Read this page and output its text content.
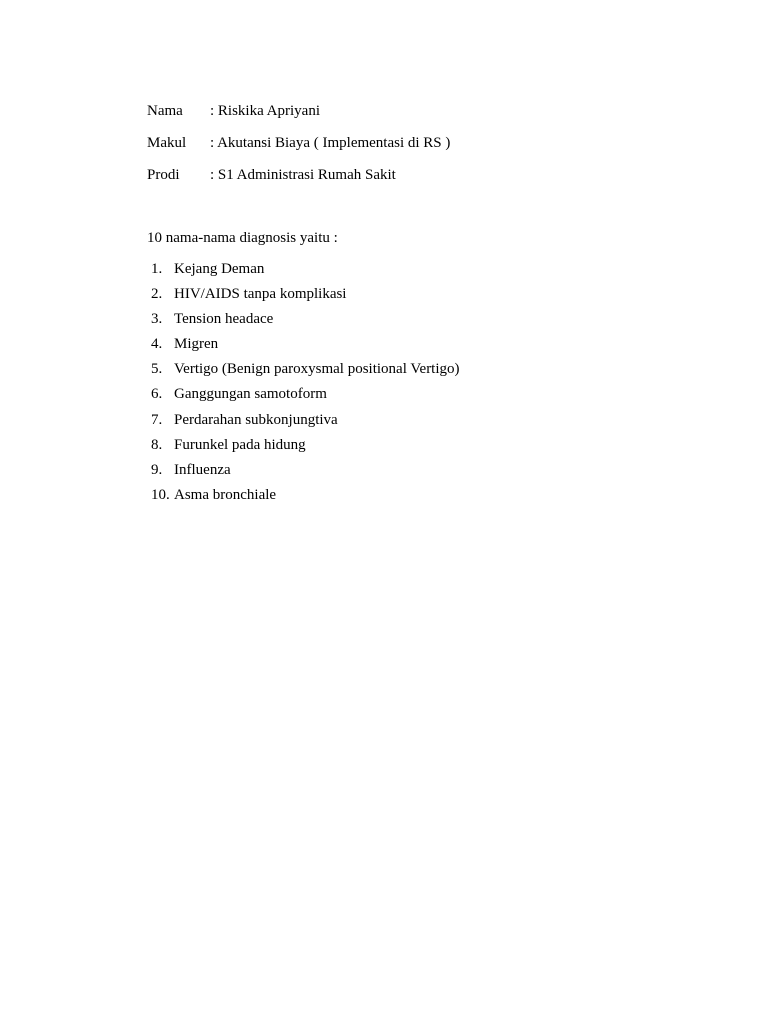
Nama	: Riskika Apriyani
Makul	: Akutansi Biaya ( Implementasi di RS )
Prodi	: S1 Administrasi Rumah Sakit
10 nama-nama diagnosis yaitu :
1. Kejang Deman
2. HIV/AIDS tanpa komplikasi
3. Tension headace
4. Migren
5. Vertigo (Benign paroxysmal positional Vertigo)
6. Ganggungan samotoform
7. Perdarahan subkonjungtiva
8. Furunkel pada hidung
9. Influenza
10. Asma bronchiale
